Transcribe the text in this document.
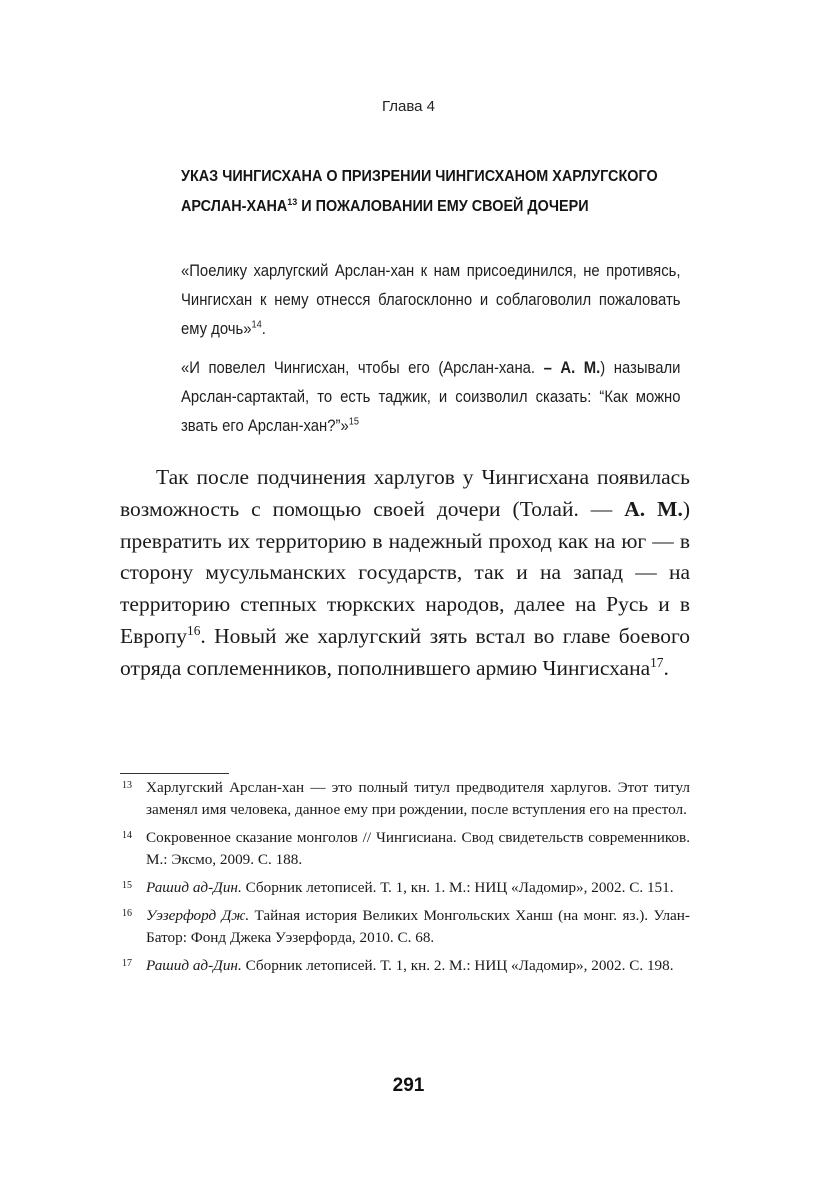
Глава 4
УКАЗ ЧИНГИСХАНА О ПРИЗРЕНИИ ЧИНГИСХАНОМ ХАРЛУГСКОГО АРСЛАН-ХАНА$^{13}$ И ПОЖАЛОВАНИИ ЕМУ СВОЕЙ ДОЧЕРИ
«Поелику харлугский Арслан-хан к нам присоединился, не противясь, Чингисхан к нему отнесся благосклонно и соблаговолил пожаловать ему дочь»$^{14}$.
«И повелел Чингисхан, чтобы его (Арслан-хана. – А. М.) называли Арслан-сартактай, то есть таджик, и соизволил сказать: “Как можно звать его Арслан-хан?”»$^{15}$

Так после подчинения харлугов у Чингисхана появилась возможность с помощью своей дочери (Толай. — А. М.) превратить их территорию в надежный проход как на юг — в сторону мусульманских государств, так и на запад — на территорию степных тюркских народов, далее на Русь и в Европу$^{16}$. Новый же харлугский зять встал во главе боевого отряда соплеменников, пополнившего армию Чингисхана$^{17}$.

13 Харлугский Арслан-хан — это полный титул предводителя харлугов. Этот титул заменял имя человека, данное ему при рождении, после вступления его на престол.
14 Сокровенное сказание монголов // Чингисиана. Свод свидетельств современников. М.: Эксмо, 2009. С. 188.
15 Рашид ад-Дин. Сборник летописей. Т. 1, кн. 1. М.: НИЦ «Ладомир», 2002. С. 151.
16 Уэзерфорд Дж. Тайная история Великих Монгольских Ханш (на монг. яз.). Улан-Батор: Фонд Джека Уэзерфорда, 2010. С. 68.
17 Рашид ад-Дин. Сборник летописей. Т. 1, кн. 2. М.: НИЦ «Ладомир», 2002. С. 198.
291
